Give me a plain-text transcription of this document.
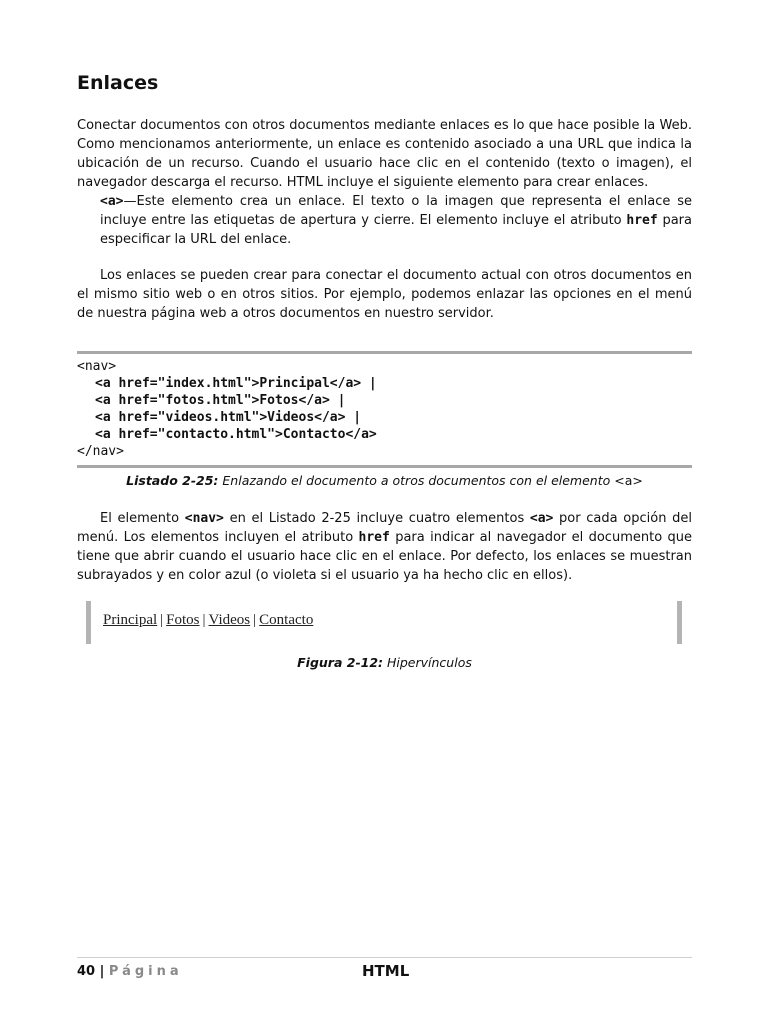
Enlaces

Conectar documentos con otros documentos mediante enlaces es lo que hace posible la Web. Como mencionamos anteriormente, un enlace es contenido asociado a una URL que indica la ubicación de un recurso. Cuando el usuario hace clic en el contenido (texto o imagen), el navegador descarga el recurso. HTML incluye el siguiente elemento para crear enlaces.

<a>—Este elemento crea un enlace. El texto o la imagen que representa el enlace se incluye entre las etiquetas de apertura y cierre. El elemento incluye el atributo href para especificar la URL del enlace.

Los enlaces se pueden crear para conectar el documento actual con otros documentos en el mismo sitio web o en otros sitios. Por ejemplo, podemos enlazar las opciones en el menú de nuestra página web a otros documentos en nuestro servidor.

<nav>
<a href="index.html">Principal</a> |
<a href="fotos.html">Fotos</a> |
<a href="videos.html">Videos</a> |
<a href="contacto.html">Contacto</a>
</nav>
Listado 2-25: Enlazando el documento a otros documentos con el elemento <a>

El elemento <nav> en el Listado 2-25 incluye cuatro elementos <a> por cada opción del menú. Los elementos incluyen el atributo href para indicar al navegador el documento que tiene que abrir cuando el usuario hace clic en el enlace. Por defecto, los enlaces se muestran subrayados y en color azul (o violeta si el usuario ya ha hecho clic en ellos).

Principal | Fotos | Videos | Contacto
Figura 2-12: Hipervínculos
40 | Página	HTML
